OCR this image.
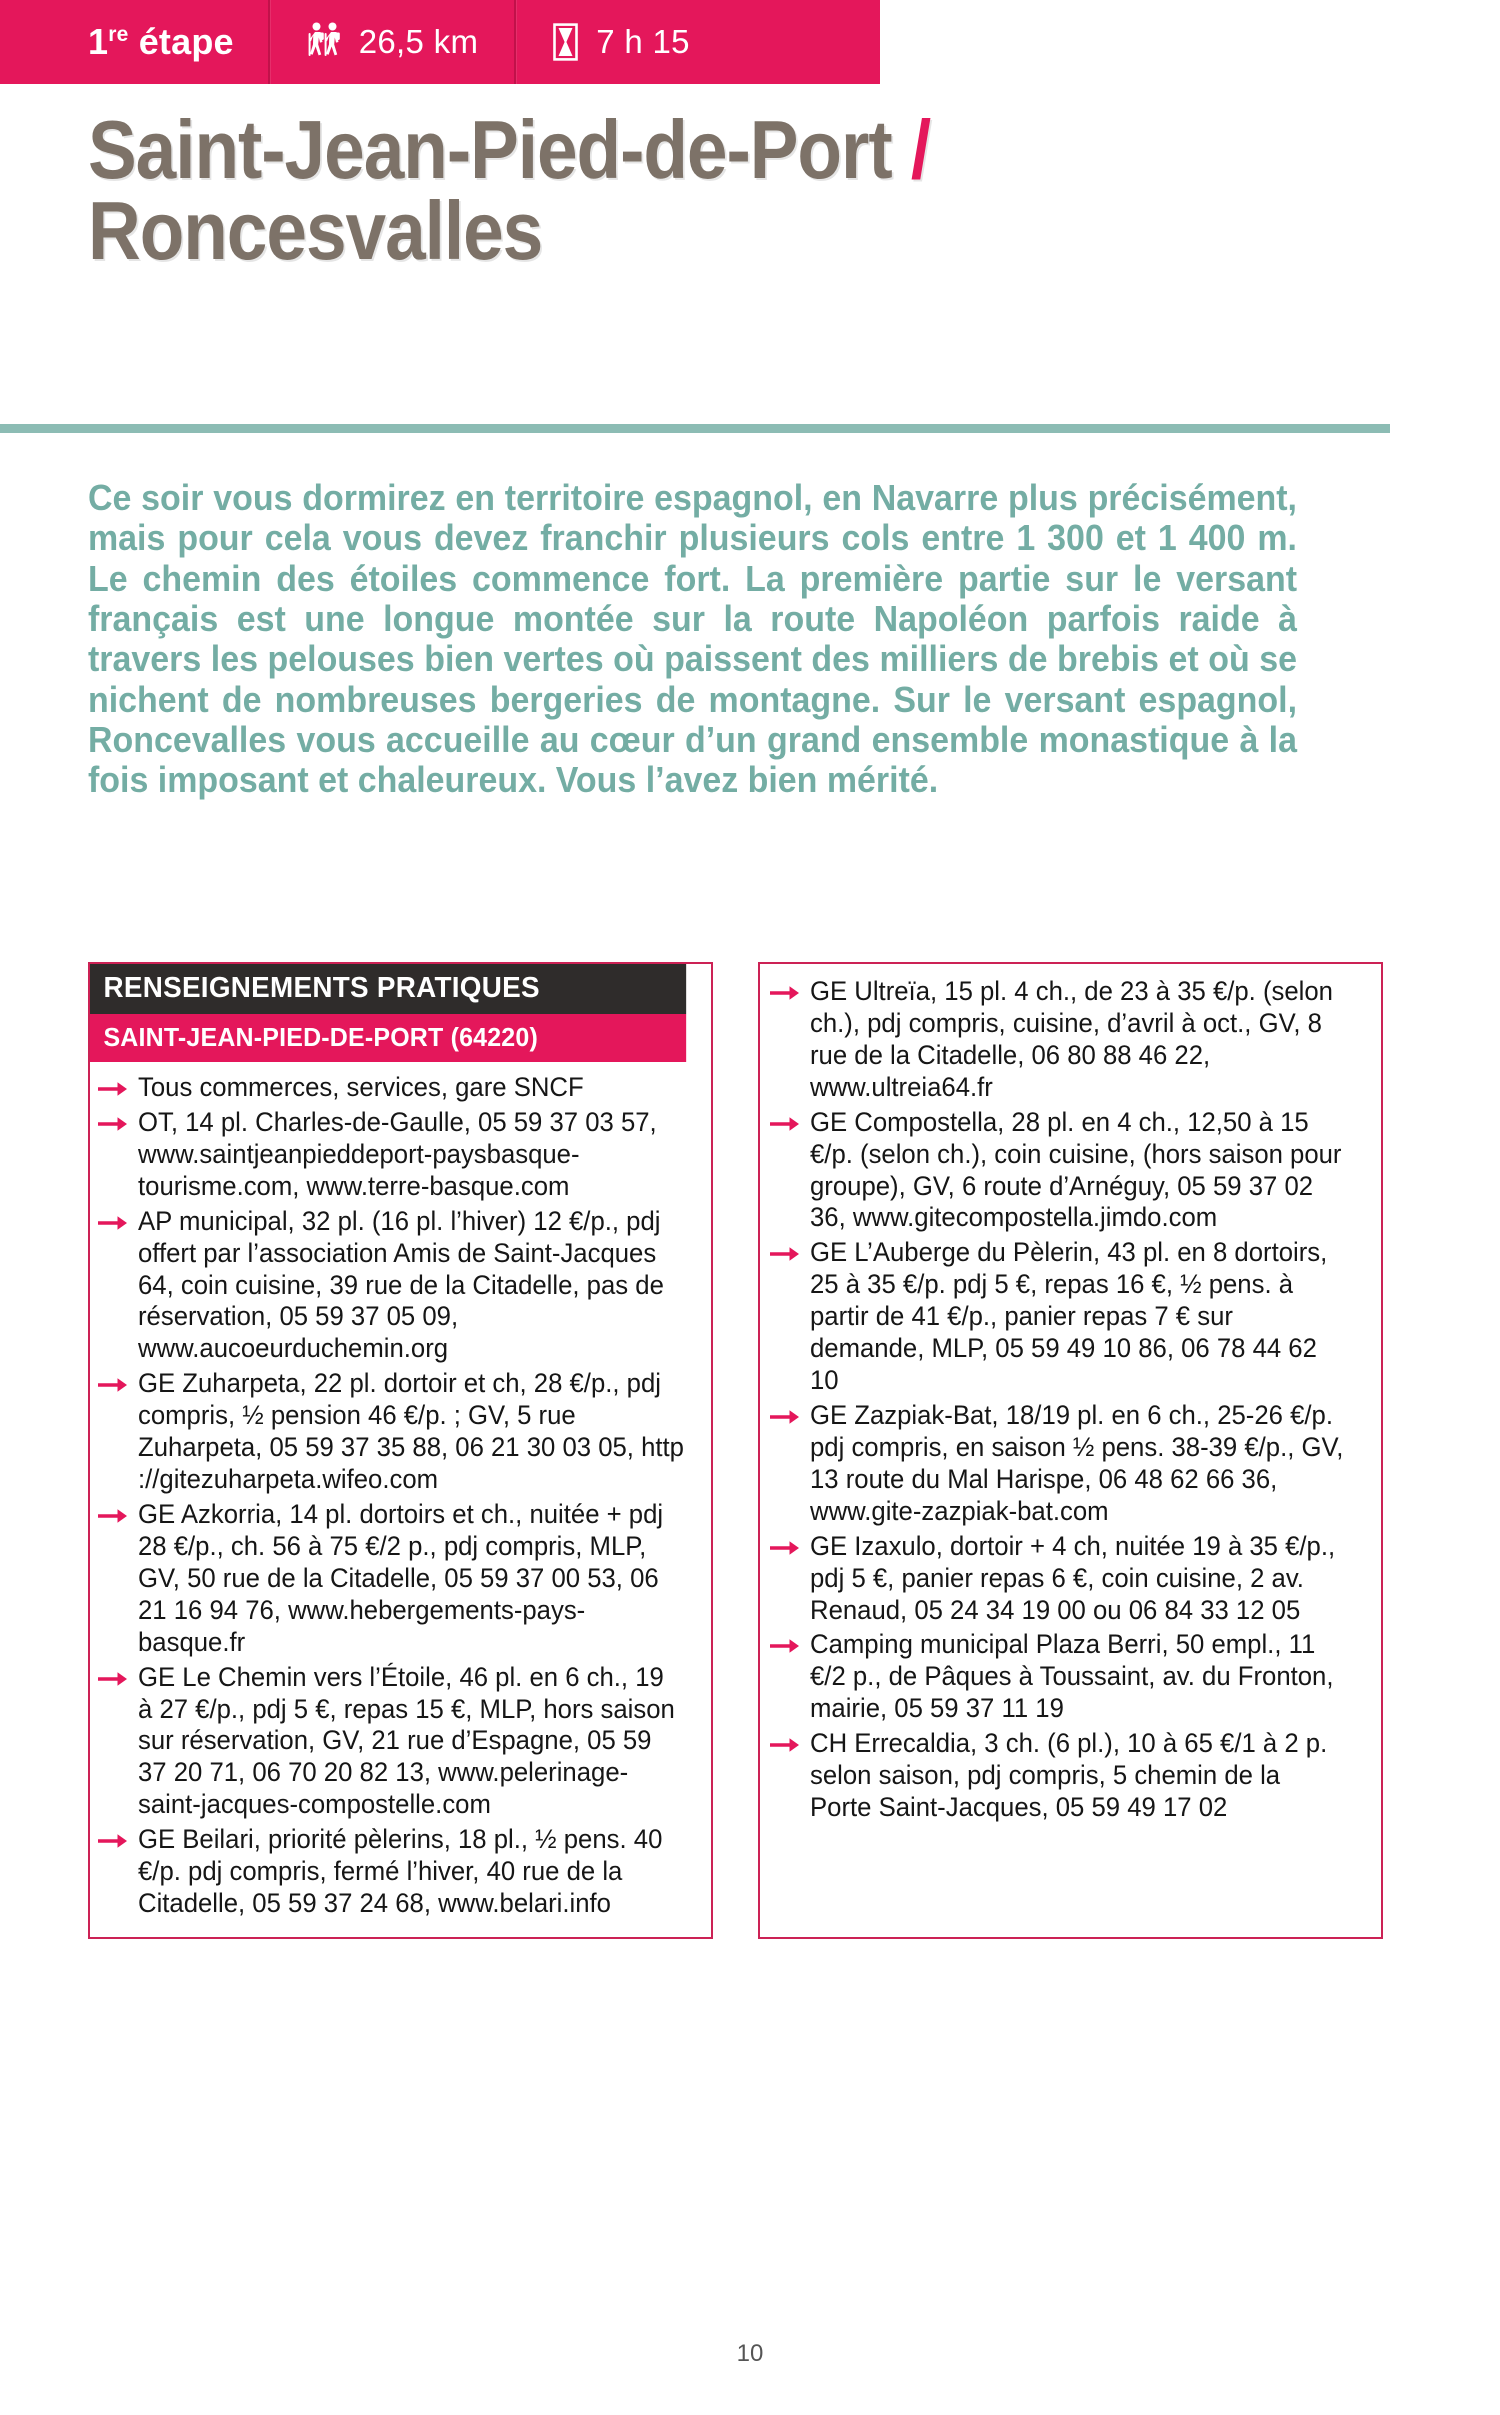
1re étape	26,5 km	7 h 15
Saint-Jean-Pied-de-Port /
Roncesvalles
Ce soir vous dormirez en territoire espagnol, en Navarre plus précisément, mais pour cela vous devez franchir plusieurs cols entre 1 300 et 1 400 m. Le chemin des étoiles commence fort. La première partie sur le versant français est une longue montée sur la route Napoléon parfois raide à travers les pelouses bien vertes où paissent des milliers de brebis et où se nichent de nombreuses bergeries de montagne. Sur le versant espagnol, Roncevalles vous accueille au cœur d’un grand ensemble monastique à la fois imposant et chaleureux. Vous l’avez bien mérité.
RENSEIGNEMENTS PRATIQUES
SAINT-JEAN-PIED-DE-PORT (64220)
Tous commerces, services, gare SNCF
OT, 14 pl. Charles-de-Gaulle, 05 59 37 03 57, www.saintjeanpieddeport-paysbasque-tourisme.com, www.terre-basque.com
AP municipal, 32 pl. (16 pl. l’hiver) 12 €/p., pdj offert par l’association Amis de Saint-Jacques 64, coin cuisine, 39 rue de la Citadelle, pas de réservation, 05 59 37 05 09, www.aucoeurduchemin.org
GE Zuharpeta, 22 pl. dortoir et ch, 28 €/p., pdj compris, ½ pension 46 €/p. ; GV, 5 rue Zuharpeta, 05 59 37 35 88, 06 21 30 03 05, http ://gitezuharpeta.wifeo.com
GE Azkorria, 14 pl. dortoirs et ch., nuitée + pdj 28 €/p., ch. 56 à 75 €/2 p., pdj compris, MLP, GV, 50 rue de la Citadelle, 05 59 37 00 53, 06 21 16 94 76, www.hebergements-pays-basque.fr
GE Le Chemin vers l’Étoile, 46 pl. en 6 ch., 19 à 27 €/p., pdj 5 €, repas 15 €, MLP, hors saison sur réservation, GV, 21 rue d’Espagne, 05 59 37 20 71, 06 70 20 82 13, www.pelerinage-saint-jacques-compostelle.com
GE Beilari, priorité pèlerins, 18 pl., ½ pens. 40 €/p. pdj compris, fermé l’hiver, 40 rue de la Citadelle, 05 59 37 24 68, www.belari.info
GE Ultreïa, 15 pl. 4 ch., de 23 à 35 €/p. (selon ch.), pdj compris, cuisine, d’avril à oct., GV, 8 rue de la Citadelle, 06 80 88 46 22, www.ultreia64.fr
GE Compostella, 28 pl. en 4 ch., 12,50 à 15 €/p. (selon ch.), coin cuisine, (hors saison pour groupe), GV, 6 route d’Arnéguy, 05 59 37 02 36, www.gitecompostella.jimdo.com
GE L’Auberge du Pèlerin, 43 pl. en 8 dortoirs, 25 à 35 €/p. pdj 5 €, repas 16 €, ½ pens. à partir de 41 €/p., panier repas 7 € sur demande, MLP, 05 59 49 10 86, 06 78 44 62 10
GE Zazpiak-Bat, 18/19 pl. en 6 ch., 25-26 €/p. pdj compris, en saison ½ pens. 38-39 €/p., GV, 13 route du Mal Harispe, 06 48 62 66 36, www.gite-zazpiak-bat.com
GE Izaxulo, dortoir + 4 ch, nuitée 19 à 35 €/p., pdj 5 €, panier repas 6 €, coin cuisine, 2 av. Renaud, 05 24 34 19 00 ou 06 84 33 12 05
Camping municipal Plaza Berri, 50 empl., 11 €/2 p., de Pâques à Toussaint, av. du Fronton, mairie, 05 59 37 11 19
CH Errecaldia, 3 ch. (6 pl.), 10 à 65 €/1 à 2 p. selon saison, pdj compris, 5 chemin de la Porte Saint-Jacques, 05 59 49 17 02
10
